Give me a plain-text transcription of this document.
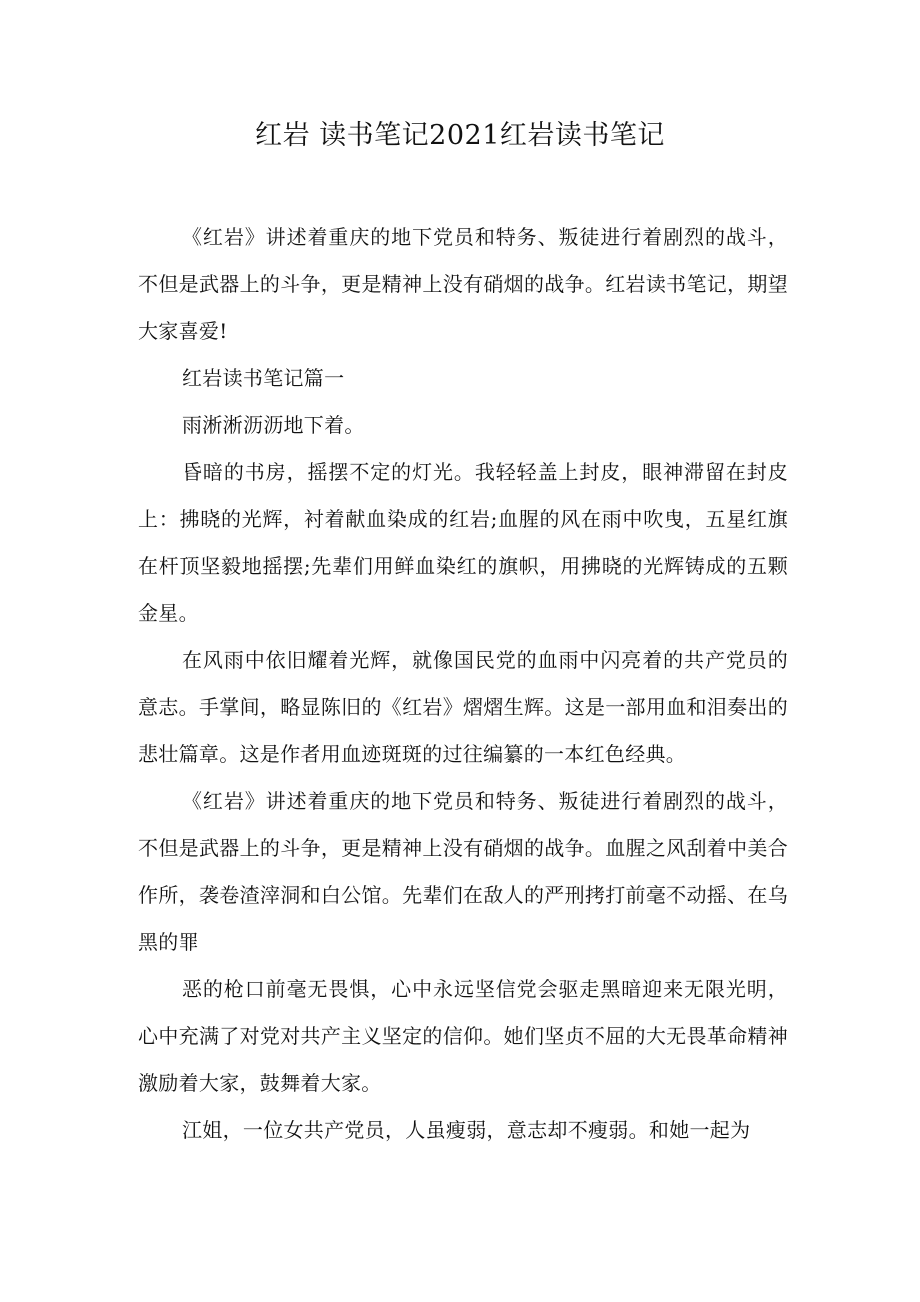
红岩 读书笔记2021红岩读书笔记

《红岩》讲述着重庆的地下党员和特务、叛徒进行着剧烈的战斗，不但是武器上的斗争，更是精神上没有硝烟的战争。红岩读书笔记，期望大家喜爱!

红岩读书笔记篇一

雨淅淅沥沥地下着。

昏暗的书房，摇摆不定的灯光。我轻轻盖上封皮，眼神滞留在封皮上：拂晓的光辉，衬着献血染成的红岩;血腥的风在雨中吹曳，五星红旗在杆顶坚毅地摇摆;先辈们用鲜血染红的旗帜，用拂晓的光辉铸成的五颗金星。

在风雨中依旧耀着光辉，就像国民党的血雨中闪亮着的共产党员的意志。手掌间，略显陈旧的《红岩》熠熠生辉。这是一部用血和泪奏出的悲壮篇章。这是作者用血迹斑斑的过往编纂的一本红色经典。

《红岩》讲述着重庆的地下党员和特务、叛徒进行着剧烈的战斗，不但是武器上的斗争，更是精神上没有硝烟的战争。血腥之风刮着中美合作所，袭卷渣滓洞和白公馆。先辈们在敌人的严刑拷打前毫不动摇、在乌黑的罪

恶的枪口前毫无畏惧，心中永远坚信党会驱走黑暗迎来无限光明，心中充满了对党对共产主义坚定的信仰。她们坚贞不屈的大无畏革命精神激励着大家，鼓舞着大家。

江姐，一位女共产党员，人虽瘦弱，意志却不瘦弱。和她一起为
